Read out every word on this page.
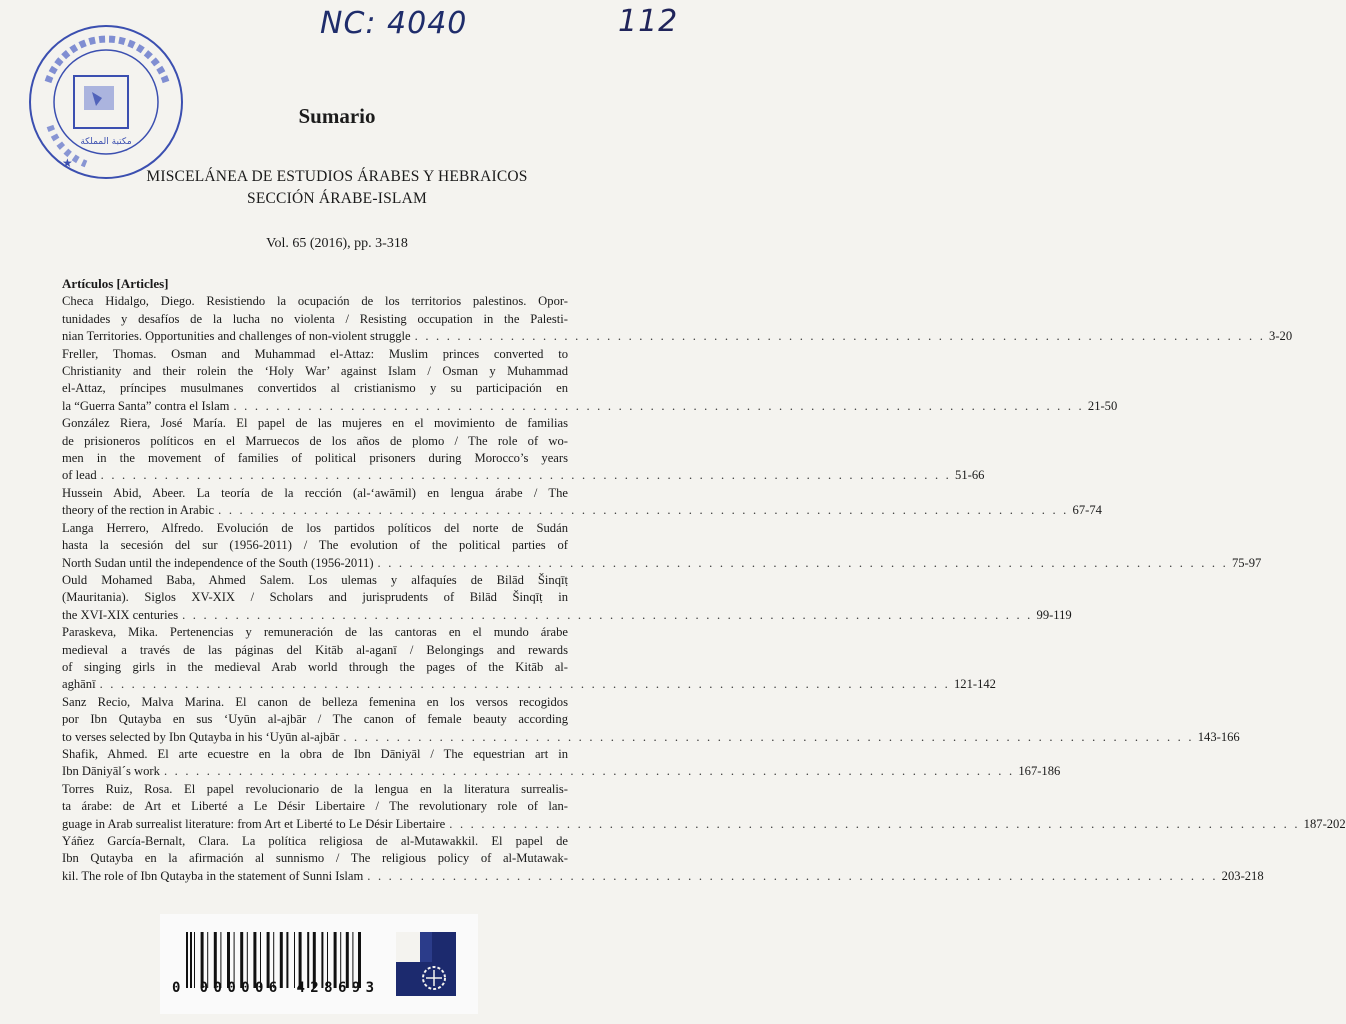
NC: 4040	112
★
مكتبة المملكة
Sumario
MISCELÁNEA DE ESTUDIOS ÁRABES Y HEBRAICOS
SECCIÓN ÁRABE-ISLAM
Vol. 65 (2016), pp. 3-318
Artículos [Articles]
Checa Hidalgo, Diego. Resistiendo la ocupación de los territorios palestinos. Opor-
tunidades y desafíos de la lucha no violenta / Resisting occupation in the Palesti-
nian Territories. Opportunities and challenges of non-violent struggle . . . . . . . . . . . . . . . . . . . . . . . . . . . . . . . . . . . . . . . . . . . . . . . . . . . . . . . . . . . . . . . . . . . . . . . . . . . . . . . . 3-20
Freller, Thomas. Osman and Muhammad el-Attaz: Muslim princes converted to
Christianity and their rolein the ‘Holy War’ against Islam / Osman y Muhammad
el-Attaz, príncipes musulmanes convertidos al cristianismo y su participación en
la “Guerra Santa” contra el Islam . . . . . . . . . . . . . . . . . . . . . . . . . . . . . . . . . . . . . . . . . . . . . . . . . . . . . . . . . . . . . . . . . . . . . . . . . . . . . . . . 21-50
González Riera, José María. El papel de las mujeres en el movimiento de familias
de prisioneros políticos en el Marruecos de los años de plomo / The role of wo-
men in the movement of families of political prisoners during Morocco’s years
of lead . . . . . . . . . . . . . . . . . . . . . . . . . . . . . . . . . . . . . . . . . . . . . . . . . . . . . . . . . . . . . . . . . . . . . . . . . . . . . . . . 51-66
Hussein Abid, Abeer. La teoría de la rección (al-‘awāmil) en lengua árabe / The
theory of the rection in Arabic . . . . . . . . . . . . . . . . . . . . . . . . . . . . . . . . . . . . . . . . . . . . . . . . . . . . . . . . . . . . . . . . . . . . . . . . . . . . . . . . 67-74
Langa Herrero, Alfredo. Evolución de los partidos políticos del norte de Sudán
hasta la secesión del sur (1956-2011) / The evolution of the political parties of
North Sudan until the independence of the South (1956-2011) . . . . . . . . . . . . . . . . . . . . . . . . . . . . . . . . . . . . . . . . . . . . . . . . . . . . . . . . . . . . . . . . . . . . . . . . . . . . . . . . 75-97
Ould Mohamed Baba, Ahmed Salem. Los ulemas y alfaquíes de Bilād Šinqīṭ
(Mauritania). Siglos XV-XIX / Scholars and jurisprudents of Bilād Šinqīṭ in
the XVI-XIX centuries . . . . . . . . . . . . . . . . . . . . . . . . . . . . . . . . . . . . . . . . . . . . . . . . . . . . . . . . . . . . . . . . . . . . . . . . . . . . . . . . 99-119
Paraskeva, Mika. Pertenencias y remuneración de las cantoras en el mundo árabe
medieval a través de las páginas del Kitāb al-aganī / Belongings and rewards
of singing girls in the medieval Arab world through the pages of the Kitāb al-
aghānī . . . . . . . . . . . . . . . . . . . . . . . . . . . . . . . . . . . . . . . . . . . . . . . . . . . . . . . . . . . . . . . . . . . . . . . . . . . . . . . . 121-142
Sanz Recio, Malva Marina. El canon de belleza femenina en los versos recogidos
por Ibn Qutayba en sus ‘Uyūn al-ajbār / The canon of female beauty according
to verses selected by Ibn Qutayba in his ‘Uyūn al-ajbār . . . . . . . . . . . . . . . . . . . . . . . . . . . . . . . . . . . . . . . . . . . . . . . . . . . . . . . . . . . . . . . . . . . . . . . . . . . . . . . . 143-166
Shafik, Ahmed. El arte ecuestre en la obra de Ibn Dāniyāl / The equestrian art in
Ibn Dāniyāl´s work . . . . . . . . . . . . . . . . . . . . . . . . . . . . . . . . . . . . . . . . . . . . . . . . . . . . . . . . . . . . . . . . . . . . . . . . . . . . . . . . 167-186
Torres Ruiz, Rosa. El papel revolucionario de la lengua en la literatura surrealis-
ta árabe: de Art et Liberté a Le Désir Libertaire / The revolutionary role of lan-
guage in Arab surrealist literature: from Art et Liberté to Le Désir Libertaire . . . . . . . . . . . . . . . . . . . . . . . . . . . . . . . . . . . . . . . . . . . . . . . . . . . . . . . . . . . . . . . . . . . . . . . . . . . . . . . . 187-202
Yáñez García-Bernalt, Clara. La política religiosa de al-Mutawakkil. El papel de
Ibn Qutayba en la afirmación al sunnismo / The religious policy of al-Mutawak-
kil. The role of Ibn Qutayba in the statement of Sunni Islam . . . . . . . . . . . . . . . . . . . . . . . . . . . . . . . . . . . . . . . . . . . . . . . . . . . . . . . . . . . . . . . . . . . . . . . . . . . . . . . . 203-218
0 000006 428693
